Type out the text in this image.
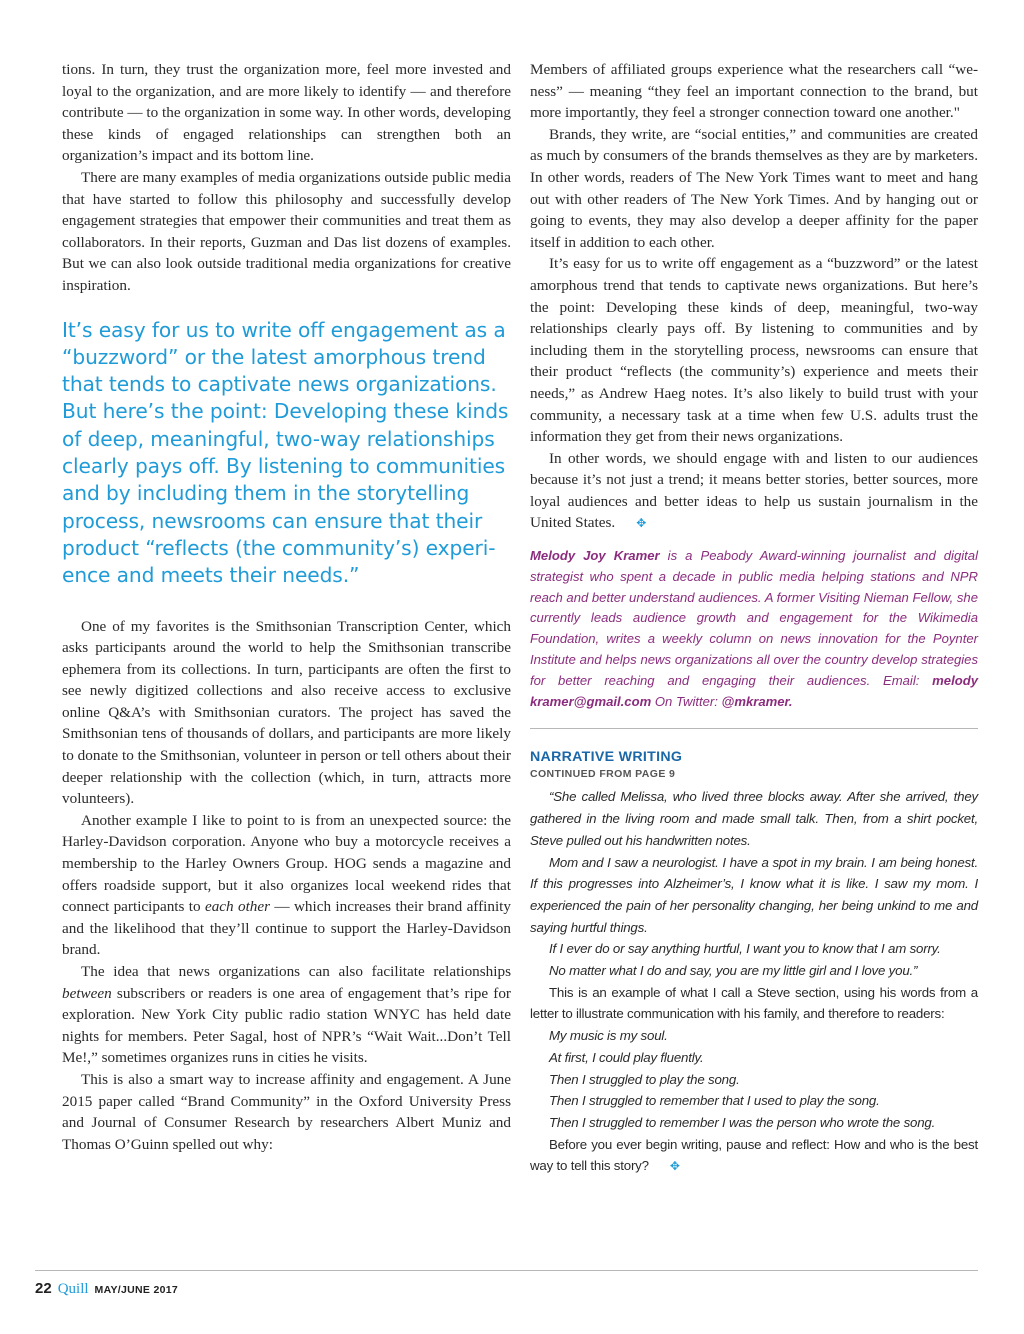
tions. In turn, they trust the organization more, feel more invested and loyal to the organization, and are more likely to identify — and therefore contribute — to the organization in some way. In other words, developing these kinds of engaged relationships can strengthen both an organization’s impact and its bottom line.

There are many examples of media organizations outside public media that have started to follow this philosophy and successfully develop engagement strategies that empower their communities and treat them as collaborators. In their reports, Guzman and Das list dozens of examples. But we can also look outside traditional media organizations for creative inspiration.

It’s easy for us to write off engagement as a “buzzword” or the latest amorphous trend that tends to captivate news organizations. But here’s the point: Developing these kinds of deep, meaningful, two-way relationships clearly pays off. By listening to communities and by including them in the storytelling process, newsrooms can ensure that their product “reflects (the community’s) experience and meets their needs.”

One of my favorites is the Smithsonian Transcription Center, which asks participants around the world to help the Smithsonian transcribe ephemera from its collections. In turn, participants are often the first to see newly digitized collections and also receive access to exclusive online Q&A’s with Smithsonian curators. The project has saved the Smithsonian tens of thousands of dollars, and participants are more likely to donate to the Smithsonian, volunteer in person or tell others about their deeper relationship with the collection (which, in turn, attracts more volunteers).

Another example I like to point to is from an unexpected source: the Harley-Davidson corporation. Anyone who buy a motorcycle receives a membership to the Harley Owners Group. HOG sends a magazine and offers roadside support, but it also organizes local weekend rides that connect participants to each other — which increases their brand affinity and the likelihood that they’ll continue to support the Harley-Davidson brand.

The idea that news organizations can also facilitate relationships between subscribers or readers is one area of engagement that’s ripe for exploration. New York City public radio station WNYC has held date nights for members. Peter Sagal, host of NPR’s “Wait Wait...Don’t Tell Me!,” sometimes organizes runs in cities he visits.

This is also a smart way to increase affinity and engagement. A June 2015 paper called “Brand Community” in the Oxford University Press and Journal of Consumer Research by researchers Albert Muniz and Thomas O’Guinn spelled out why:

Members of affiliated groups experience what the researchers call “we-ness” — meaning “they feel an important connection to the brand, but more importantly, they feel a stronger connection toward one another."

Brands, they write, are “social entities,” and communities are created as much by consumers of the brands themselves as they are by marketers. In other words, readers of The New York Times want to meet and hang out with other readers of The New York Times. And by hanging out or going to events, they may also develop a deeper affinity for the paper itself in addition to each other.

It’s easy for us to write off engagement as a “buzzword” or the latest amorphous trend that tends to captivate news organizations. But here’s the point: Developing these kinds of deep, meaningful, two-way relationships clearly pays off. By listening to communities and by including them in the storytelling process, newsrooms can ensure that their product “reflects (the community’s) experience and meets their needs,” as Andrew Haeg notes. It’s also likely to build trust with your community, a necessary task at a time when few U.S. adults trust the information they get from their news organizations.

In other words, we should engage with and listen to our audiences because it’s not just a trend; it means better stories, better sources, more loyal audiences and better ideas to help us sustain journalism in the United States. ✥

Melody Joy Kramer is a Peabody Award-winning journalist and digital strategist who spent a decade in public media helping stations and NPR reach and better understand audiences. A former Visiting Nieman Fellow, she currently leads audience growth and engagement for the Wikimedia Foundation, writes a weekly column on news innovation for the Poynter Institute and helps news organizations all over the country develop strategies for better reaching and engaging their audiences. Email: melody kramer@gmail.com On Twitter: @mkramer.
NARRATIVE WRITING
CONTINUED FROM PAGE 9

“She called Melissa, who lived three blocks away. After she arrived, they gathered in the living room and made small talk. Then, from a shirt pocket, Steve pulled out his handwritten notes.

Mom and I saw a neurologist. I have a spot in my brain. I am being honest. If this progresses into Alzheimer’s, I know what it is like. I saw my mom. I experienced the pain of her personality changing, her being unkind to me and saying hurtful things.

If I ever do or say anything hurtful, I want you to know that I am sorry.

No matter what I do and say, you are my little girl and I love you.”

This is an example of what I call a Steve section, using his words from a letter to illustrate communication with his family, and therefore to readers:

My music is my soul.

At first, I could play fluently.

Then I struggled to play the song.

Then I struggled to remember that I used to play the song.

Then I struggled to remember I was the person who wrote the song.

Before you ever begin writing, pause and reflect: How and who is the best way to tell this story? ✥

22 Quill MAY/JUNE 2017
